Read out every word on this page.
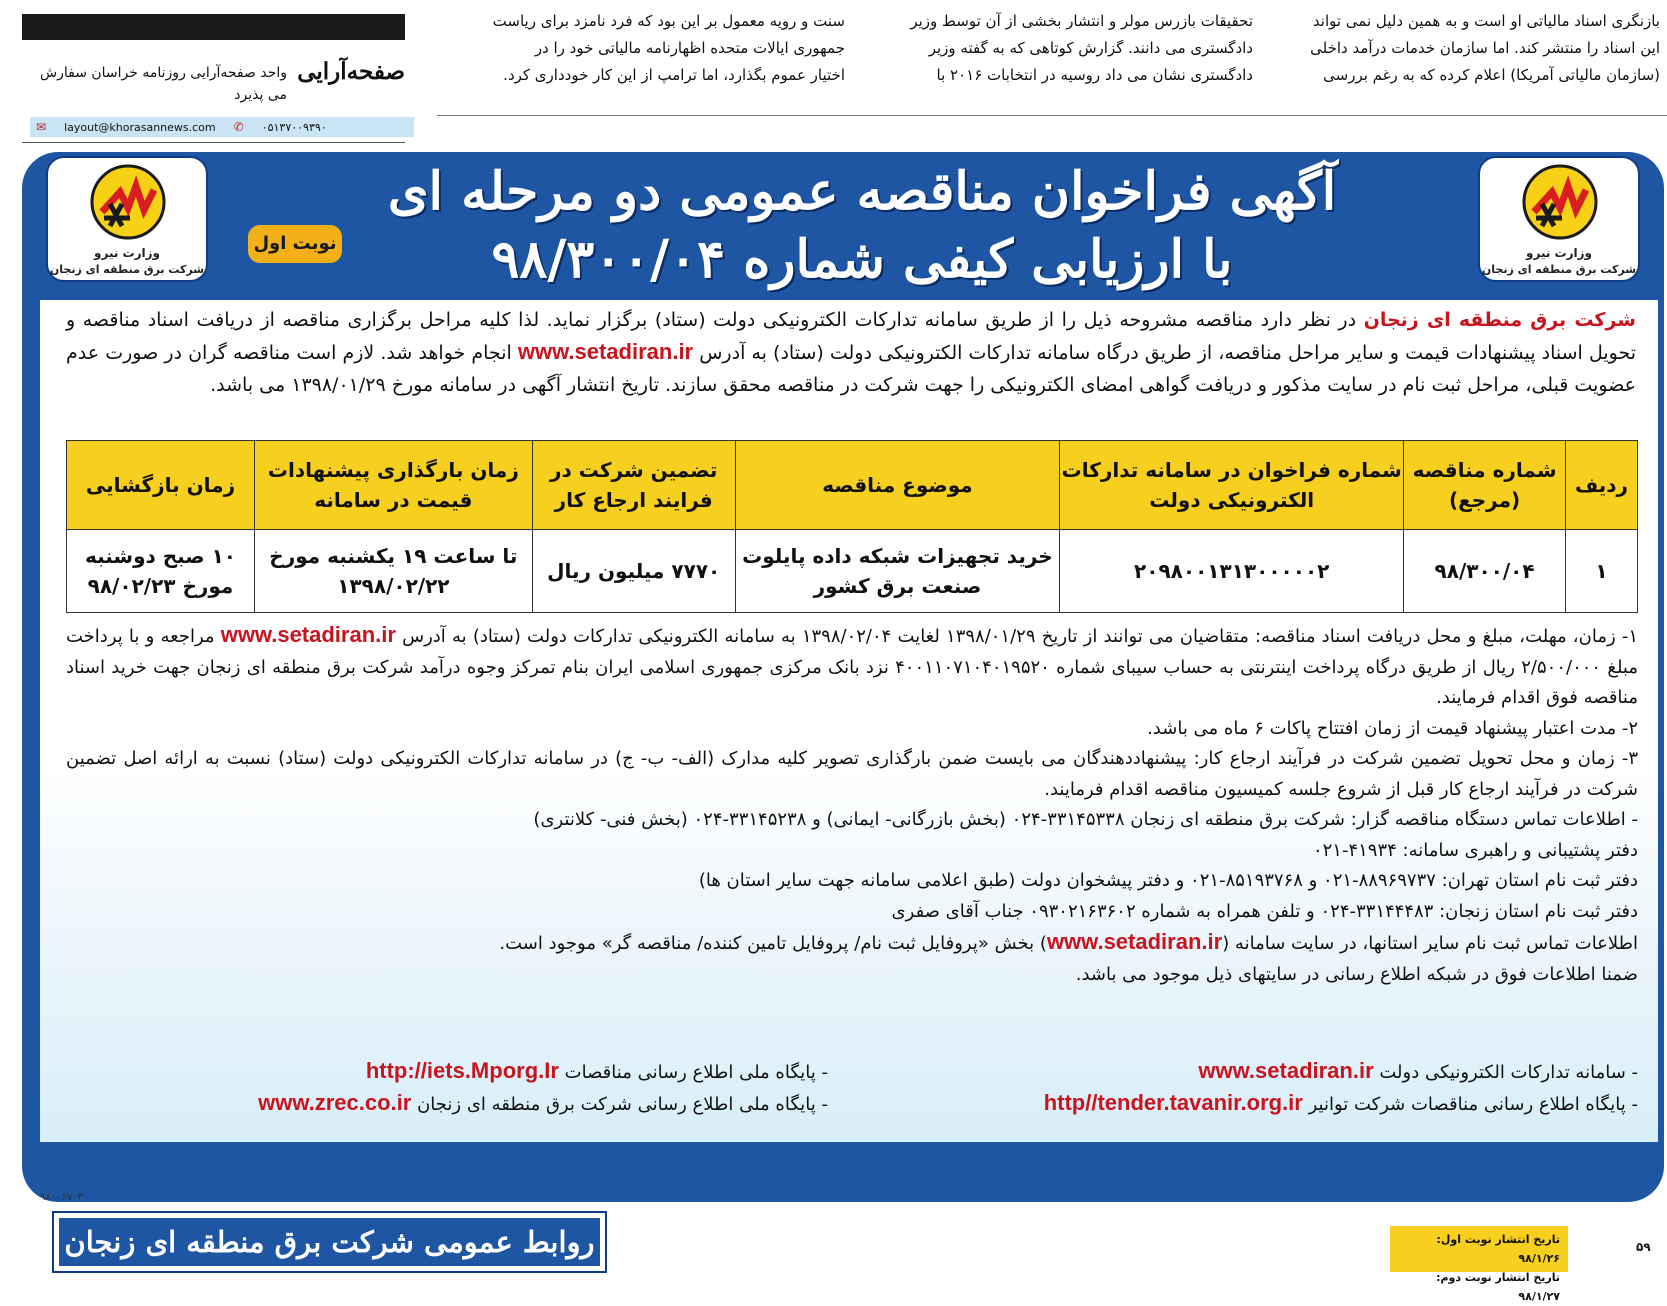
صفحه‌آرایی
واحد صفحه‌آرایی روزنامه خراسان سفارش می پذیرد
✉ layout@khorasannews.com ✆ ۰۵۱۳۷۰۰۹۳۹۰
سنت و رویه معمول بر این بود که فرد نامزد برای ریاست
جمهوری ایالات متحده اظهارنامه مالیاتی خود را در
اختیار عموم بگذارد، اما ترامپ از این کار خودداری کرد.
تحقیقات بازرس مولر و انتشار بخشی از آن توسط وزیر
دادگستری می دانند. گزارش کوتاهی که به گفته وزیر
دادگستری نشان می داد روسیه در انتخابات ۲۰۱۶ با
بازنگری اسناد مالیاتی او است و به همین دلیل نمی تواند
این اسناد را منتشر کند. اما سازمان خدمات درآمد داخلی
(سازمان مالیاتی آمریکا) اعلام کرده که به رغم بررسی
وزارت نیرو
شرکت برق منطقه ای زنجان
وزارت نیرو
شرکت برق منطقه ای زنجان
آگهی فراخوان مناقصه عمومی دو مرحله ای
با ارزیابی کیفی شماره ۹۸/۳۰۰/۰۴
نوبت اول
شرکت برق منطقه ای زنجان در نظر دارد مناقصه مشروحه ذیل را از طریق سامانه تدارکات الکترونیکی دولت (ستاد) برگزار نماید. لذا کلیه مراحل برگزاری مناقصه از دریافت اسناد مناقصه و تحویل اسناد پیشنهادات قیمت و سایر مراحل مناقصه، از طریق درگاه سامانه تدارکات الکترونیکی دولت (ستاد) به آدرس www.setadiran.ir انجام خواهد شد. لازم است مناقصه گران در صورت عدم عضویت قبلی، مراحل ثبت نام در سایت مذکور و دریافت گواهی امضای الکترونیکی را جهت شرکت در مناقصه محقق سازند. تاریخ انتشار آگهی در سامانه مورخ ۱۳۹۸/۰۱/۲۹ می باشد.
ردیف	شماره مناقصه (مرجع)	شماره فراخوان در سامانه تدارکات الکترونیکی دولت	موضوع مناقصه	تضمین شرکت در فرایند ارجاع کار	زمان بارگذاری پیشنهادات قیمت در سامانه	زمان بازگشایی
۱	۹۸/۳۰۰/۰۴	۲۰۹۸۰۰۱۳۱۳۰۰۰۰۰۲	خرید تجهیزات شبکه داده پایلوت صنعت برق کشور	۷۷۷۰ میلیون ریال	تا ساعت ۱۹ یکشنبه مورخ ۱۳۹۸/۰۲/۲۲	۱۰ صبح دوشنبه مورخ ۹۸/۰۲/۲۳

۱- زمان، مهلت، مبلغ و محل دریافت اسناد مناقصه: متقاضیان می توانند از تاریخ ۱۳۹۸/۰۱/۲۹ لغایت ۱۳۹۸/۰۲/۰۴ به سامانه الکترونیکی تدارکات دولت (ستاد) به آدرس www.setadiran.ir مراجعه و با پرداخت مبلغ ۲/۵۰۰/۰۰۰ ریال از طریق درگاه پرداخت اینترنتی به حساب سیبای شماره ۴۰۰۱۱۰۷۱۰۴۰۱۹۵۲۰ نزد بانک مرکزی جمهوری اسلامی ایران بنام تمرکز وجوه درآمد شرکت برق منطقه ای زنجان جهت خرید اسناد مناقصه فوق اقدام فرمایند.

۲- مدت اعتبار پیشنهاد قیمت از زمان افتتاح پاکات ۶ ماه می باشد.

۳- زمان و محل تحویل تضمین شرکت در فرآیند ارجاع کار: پیشنهاددهندگان می بایست ضمن بارگذاری تصویر کلیه مدارک (الف- ب- ج) در سامانه تدارکات الکترونیکی دولت (ستاد) نسبت به ارائه اصل تضمین شرکت در فرآیند ارجاع کار قبل از شروع جلسه کمیسیون مناقصه اقدام فرمایند.

- اطلاعات تماس دستگاه مناقصه گزار: شرکت برق منطقه ای زنجان ۳۳۱۴۵۳۳۸-۰۲۴ (بخش بازرگانی- ایمانی) و ۳۳۱۴۵۲۳۸-۰۲۴ (بخش فنی- کلانتری)

دفتر پشتیبانی و راهبری سامانه: ۴۱۹۳۴-۰۲۱

دفتر ثبت نام استان تهران: ۸۸۹۶۹۷۳۷-۰۲۱ و ۸۵۱۹۳۷۶۸-۰۲۱ و دفتر پیشخوان دولت (طبق اعلامی سامانه جهت سایر استان ها)

دفتر ثبت نام استان زنجان: ۳۳۱۴۴۴۸۳-۰۲۴ و تلفن همراه به شماره ۰۹۳۰۲۱۶۳۶۰۲ جناب آقای صفری

اطلاعات تماس ثبت نام سایر استانها، در سایت سامانه (www.setadiran.ir) بخش «پروفایل ثبت نام/ پروفایل تامین کننده/ مناقصه گر» موجود است.

ضمنا اطلاعات فوق در شبکه اطلاع رسانی در سایتهای ذیل موجود می باشد.

- سامانه تدارکات الکترونیکی دولت www.setadiran.ir
- پایگاه ملی اطلاع رسانی مناقصات http://iets.Mporg.Ir
- پایگاه اطلاع رسانی مناقصات شرکت توانیر http//tender.tavanir.org.ir
- پایگاه ملی اطلاع رسانی شرکت برق منطقه ای زنجان www.zrec.co.ir
روابط عمومی شرکت برق منطقه ای زنجان	تاریخ انتشار نوبت اول: ۹۸/۱/۲۶
تاریخ انتشار نوبت دوم: ۹۸/۱/۲۷
۵۹
۹۸۰۰۶۷۰۴
